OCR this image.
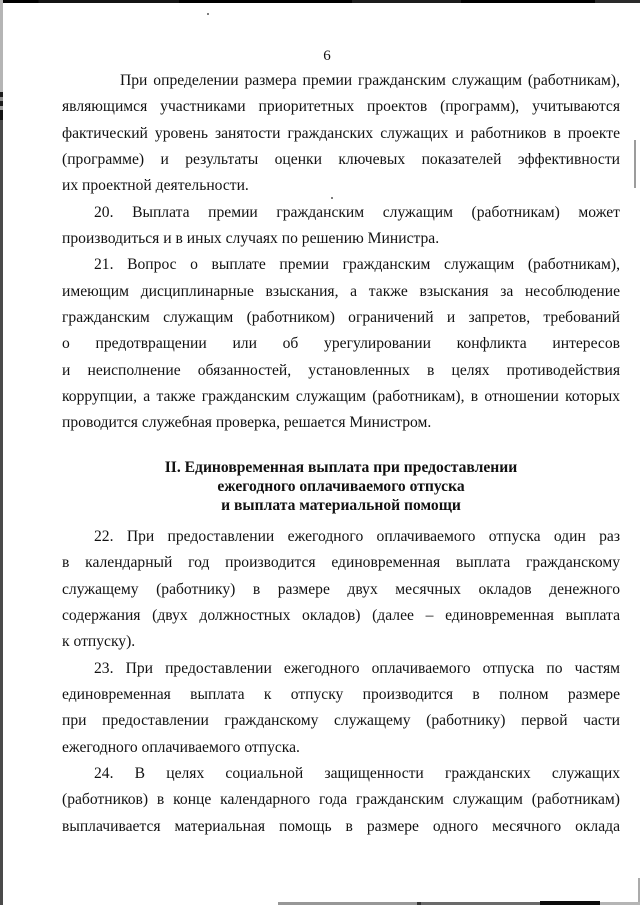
6
При определении размера премии гражданским служащим (работникам),
являющимся участниками приоритетных проектов (программ), учитываются
фактический уровень занятости гражданских служащих и работников в проекте
(программе) и результаты оценки ключевых показателей эффективности
их проектной деятельности.
20. Выплата премии гражданским служащим (работникам) может
производиться и в иных случаях по решению Министра.
21. Вопрос о выплате премии гражданским служащим (работникам),
имеющим дисциплинарные взыскания, а также взыскания за несоблюдение
гражданским служащим (работником) ограничений и запретов, требований
о предотвращении или об урегулировании конфликта интересов
и неисполнение обязанностей, установленных в целях противодействия
коррупции, а также гражданским служащим (работникам), в отношении которых
проводится служебная проверка, решается Министром.
II. Единовременная выплата при предоставлении
ежегодного оплачиваемого отпуска
и выплата материальной помощи
22. При предоставлении ежегодного оплачиваемого отпуска один раз
в календарный год производится единовременная выплата гражданскому
служащему (работнику) в размере двух месячных окладов денежного
содержания (двух должностных окладов) (далее – единовременная выплата
к отпуску).
23. При предоставлении ежегодного оплачиваемого отпуска по частям
единовременная выплата к отпуску производится в полном размере
при предоставлении гражданскому служащему (работнику) первой части
ежегодного оплачиваемого отпуска.
24. В целях социальной защищенности гражданских служащих
(работников) в конце календарного года гражданским служащим (работникам)
выплачивается материальная помощь в размере одного месячного оклада
